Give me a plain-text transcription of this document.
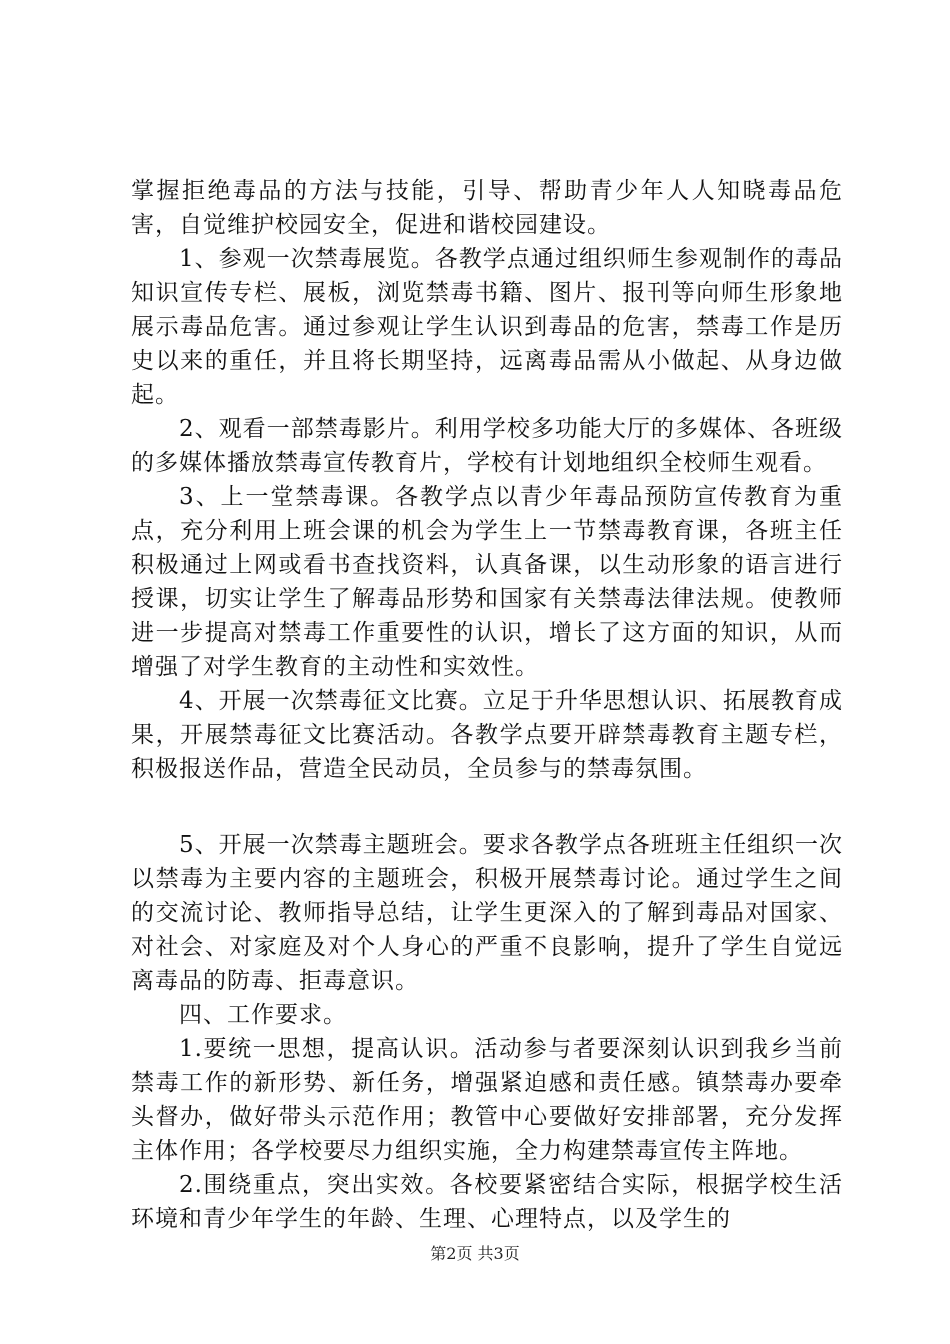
掌握拒绝毒品的方法与技能，引导、帮助青少年人人知晓毒品危害，自觉维护校园安全，促进和谐校园建设。

1、参观一次禁毒展览。各教学点通过组织师生参观制作的毒品知识宣传专栏、展板，浏览禁毒书籍、图片、报刊等向师生形象地展示毒品危害。通过参观让学生认识到毒品的危害，禁毒工作是历史以来的重任，并且将长期坚持，远离毒品需从小做起、从身边做起。

2、观看一部禁毒影片。利用学校多功能大厅的多媒体、各班级的多媒体播放禁毒宣传教育片，学校有计划地组织全校师生观看。

3、上一堂禁毒课。各教学点以青少年毒品预防宣传教育为重点，充分利用上班会课的机会为学生上一节禁毒教育课，各班主任积极通过上网或看书查找资料，认真备课，以生动形象的语言进行授课，切实让学生了解毒品形势和国家有关禁毒法律法规。使教师进一步提高对禁毒工作重要性的认识，增长了这方面的知识，从而增强了对学生教育的主动性和实效性。

4、开展一次禁毒征文比赛。立足于升华思想认识、拓展教育成果，开展禁毒征文比赛活动。各教学点要开辟禁毒教育主题专栏，积极报送作品，营造全民动员，全员参与的禁毒氛围。

5、开展一次禁毒主题班会。要求各教学点各班班主任组织一次以禁毒为主要内容的主题班会，积极开展禁毒讨论。通过学生之间的交流讨论、教师指导总结，让学生更深入的了解到毒品对国家、对社会、对家庭及对个人身心的严重不良影响，提升了学生自觉远离毒品的防毒、拒毒意识。

四、工作要求。

1.要统一思想，提高认识。活动参与者要深刻认识到我乡当前禁毒工作的新形势、新任务，增强紧迫感和责任感。镇禁毒办要牵头督办，做好带头示范作用；教管中心要做好安排部署，充分发挥主体作用；各学校要尽力组织实施，全力构建禁毒宣传主阵地。

2.围绕重点，突出实效。各校要紧密结合实际，根据学校生活环境和青少年学生的年龄、生理、心理特点，以及学生的

第2页 共3页
